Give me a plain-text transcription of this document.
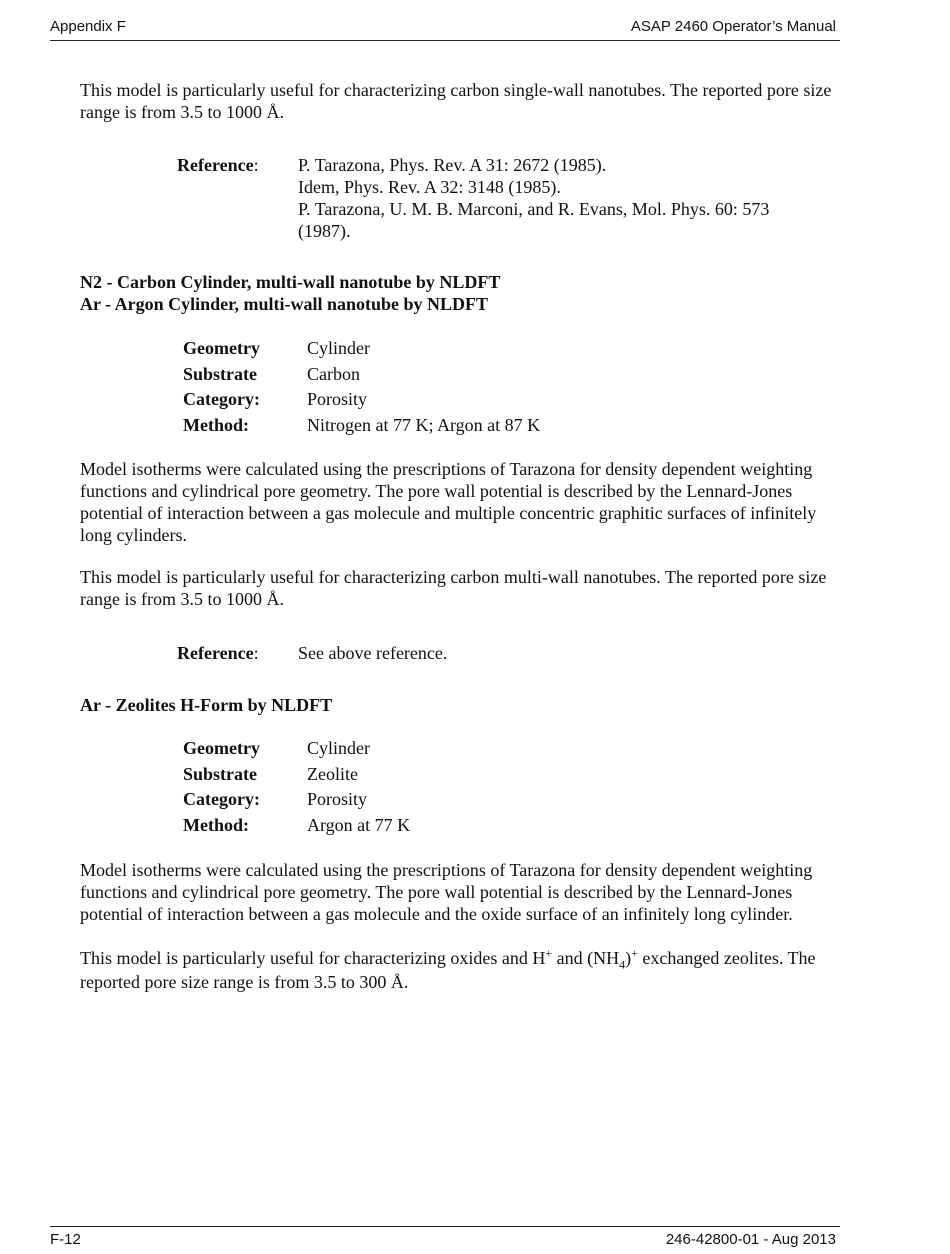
Appendix F	ASAP 2460 Operator’s Manual

This model is particularly useful for characterizing carbon single-wall nanotubes. The reported pore size range is from 3.5 to 1000 Å.

Reference:	P. Tarazona, Phys. Rev. A 31: 2672 (1985).
Idem, Phys. Rev. A 32: 3148 (1985).
P. Tarazona, U. M. B. Marconi, and R. Evans, Mol. Phys. 60: 573 (1987).
N2 - Carbon Cylinder, multi-wall nanotube by NLDFT
Ar - Argon Cylinder, multi-wall nanotube by NLDFT
Geometry	Cylinder
Substrate	Carbon
Category:	Porosity
Method:	Nitrogen at 77 K; Argon at 87 K

Model isotherms were calculated using the prescriptions of Tarazona for density dependent weighting functions and cylindrical pore geometry. The pore wall potential is described by the Lennard-Jones potential of interaction between a gas molecule and multiple concentric graphitic surfaces of infinitely long cylinders.

This model is particularly useful for characterizing carbon multi-wall nanotubes. The reported pore size range is from 3.5 to 1000 Å.

Reference:	See above reference.
Ar - Zeolites H-Form by NLDFT
Geometry	Cylinder
Substrate	Zeolite
Category:	Porosity
Method:	Argon at 77 K

Model isotherms were calculated using the prescriptions of Tarazona for density dependent weighting functions and cylindrical pore geometry. The pore wall potential is described by the Lennard-Jones potential of interaction between a gas molecule and the oxide surface of an infinitely long cylinder.

This model is particularly useful for characterizing oxides and H+ and $(NH_4)^+$ exchanged zeolites. The reported pore size range is from 3.5 to 300 Å.

F-12	246-42800-01 - Aug 2013
